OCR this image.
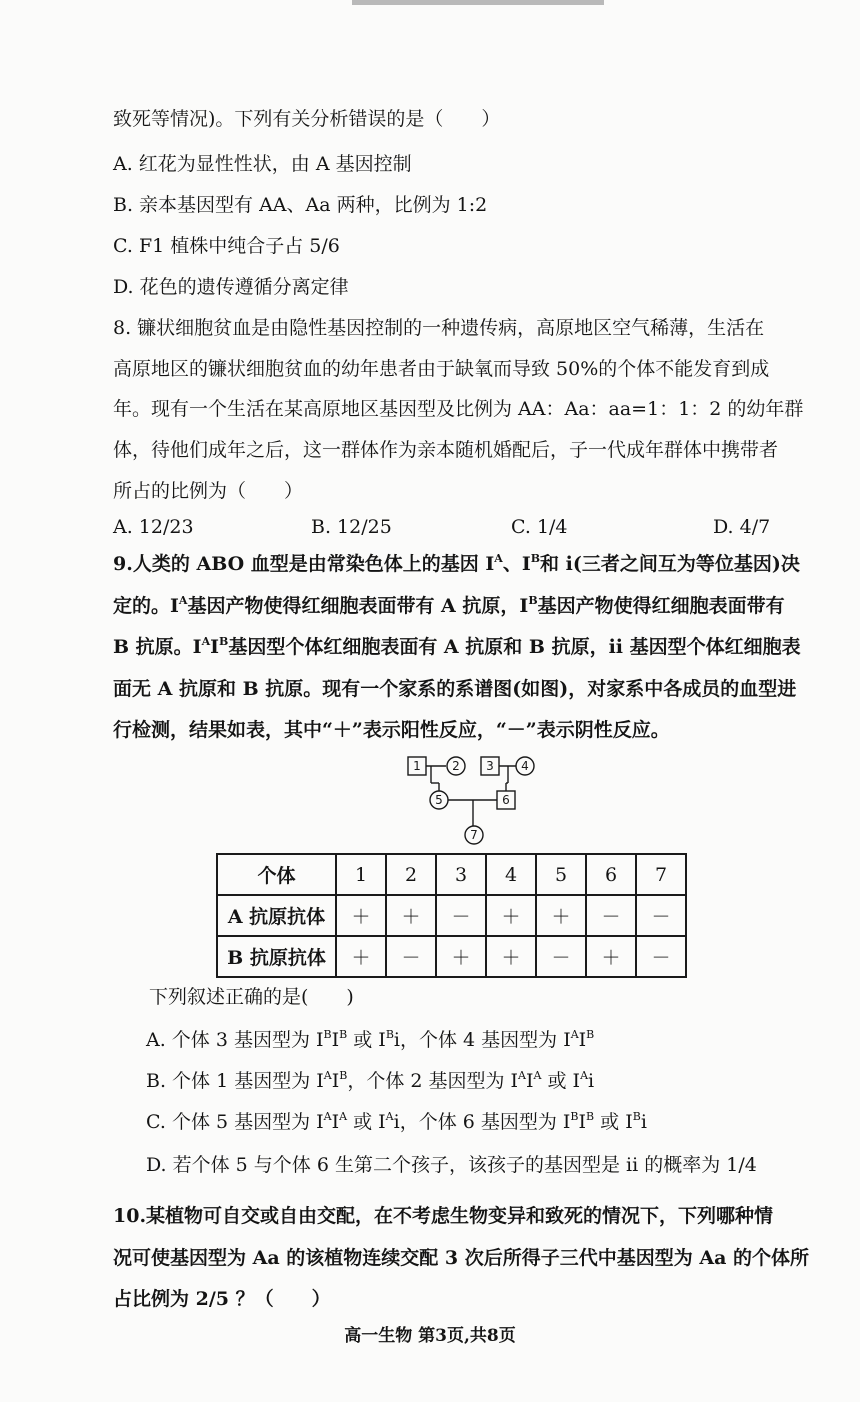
致死等情况)。下列有关分析错误的是（　　）
A. 红花为显性性状，由 A 基因控制
B. 亲本基因型有 AA、Aa 两种，比例为 1:2
C. F1 植株中纯合子占 5/6
D. 花色的遗传遵循分离定律
8. 镰状细胞贫血是由隐性基因控制的一种遗传病，高原地区空气稀薄，生活在
高原地区的镰状细胞贫血的幼年患者由于缺氧而导致 50%的个体不能发育到成
年。现有一个生活在某高原地区基因型及比例为 AA：Aa：aa=1：1：2 的幼年群
体，待他们成年之后，这一群体作为亲本随机婚配后，子一代成年群体中携带者
所占的比例为（　　）
A. 12/23	B. 12/25	C. 1/4	D. 4/7
9.人类的 ABO 血型是由常染色体上的基因 $I^A$、$I^B$和 i(三者之间互为等位基因)决
定的。$I^A$基因产物使得红细胞表面带有 A 抗原，$I^B$基因产物使得红细胞表面带有
B 抗原。$I^AI^B$基因型个体红细胞表面有 A 抗原和 B 抗原，ii 基因型个体红细胞表
面无 A 抗原和 B 抗原。现有一个家系的系谱图(如图)，对家系中各成员的血型进
行检测，结果如表，其中“＋”表示阳性反应，“－”表示阴性反应。
1	2 3 4
5	6
7
个体	1	2	3	4	5	6	7
A 抗原抗体	＋	＋	－	＋	＋	－	－
B 抗原抗体	＋	－	＋	＋	－	＋	－
下列叙述正确的是(　　)
A. 个体 3 基因型为 $I^BI^B$ 或 $I^Bi$，个体 4 基因型为 $I^AI^B$
B. 个体 1 基因型为 $I^AI^B$，个体 2 基因型为 $I^AI^A$ 或 $I^Ai$
C. 个体 5 基因型为 $I^AI^A$ 或 $I^Ai$，个体 6 基因型为 $I^BI^B$ 或 $I^Bi$
D. 若个体 5 与个体 6 生第二个孩子，该孩子的基因型是 ii 的概率为 1/4
10.某植物可自交或自由交配，在不考虑生物变异和致死的情况下，下列哪种情
况可使基因型为 Aa 的该植物连续交配 3 次后所得子三代中基因型为 Aa 的个体所
占比例为 2/5 ？（　　）
高一生物 第3页,共8页
